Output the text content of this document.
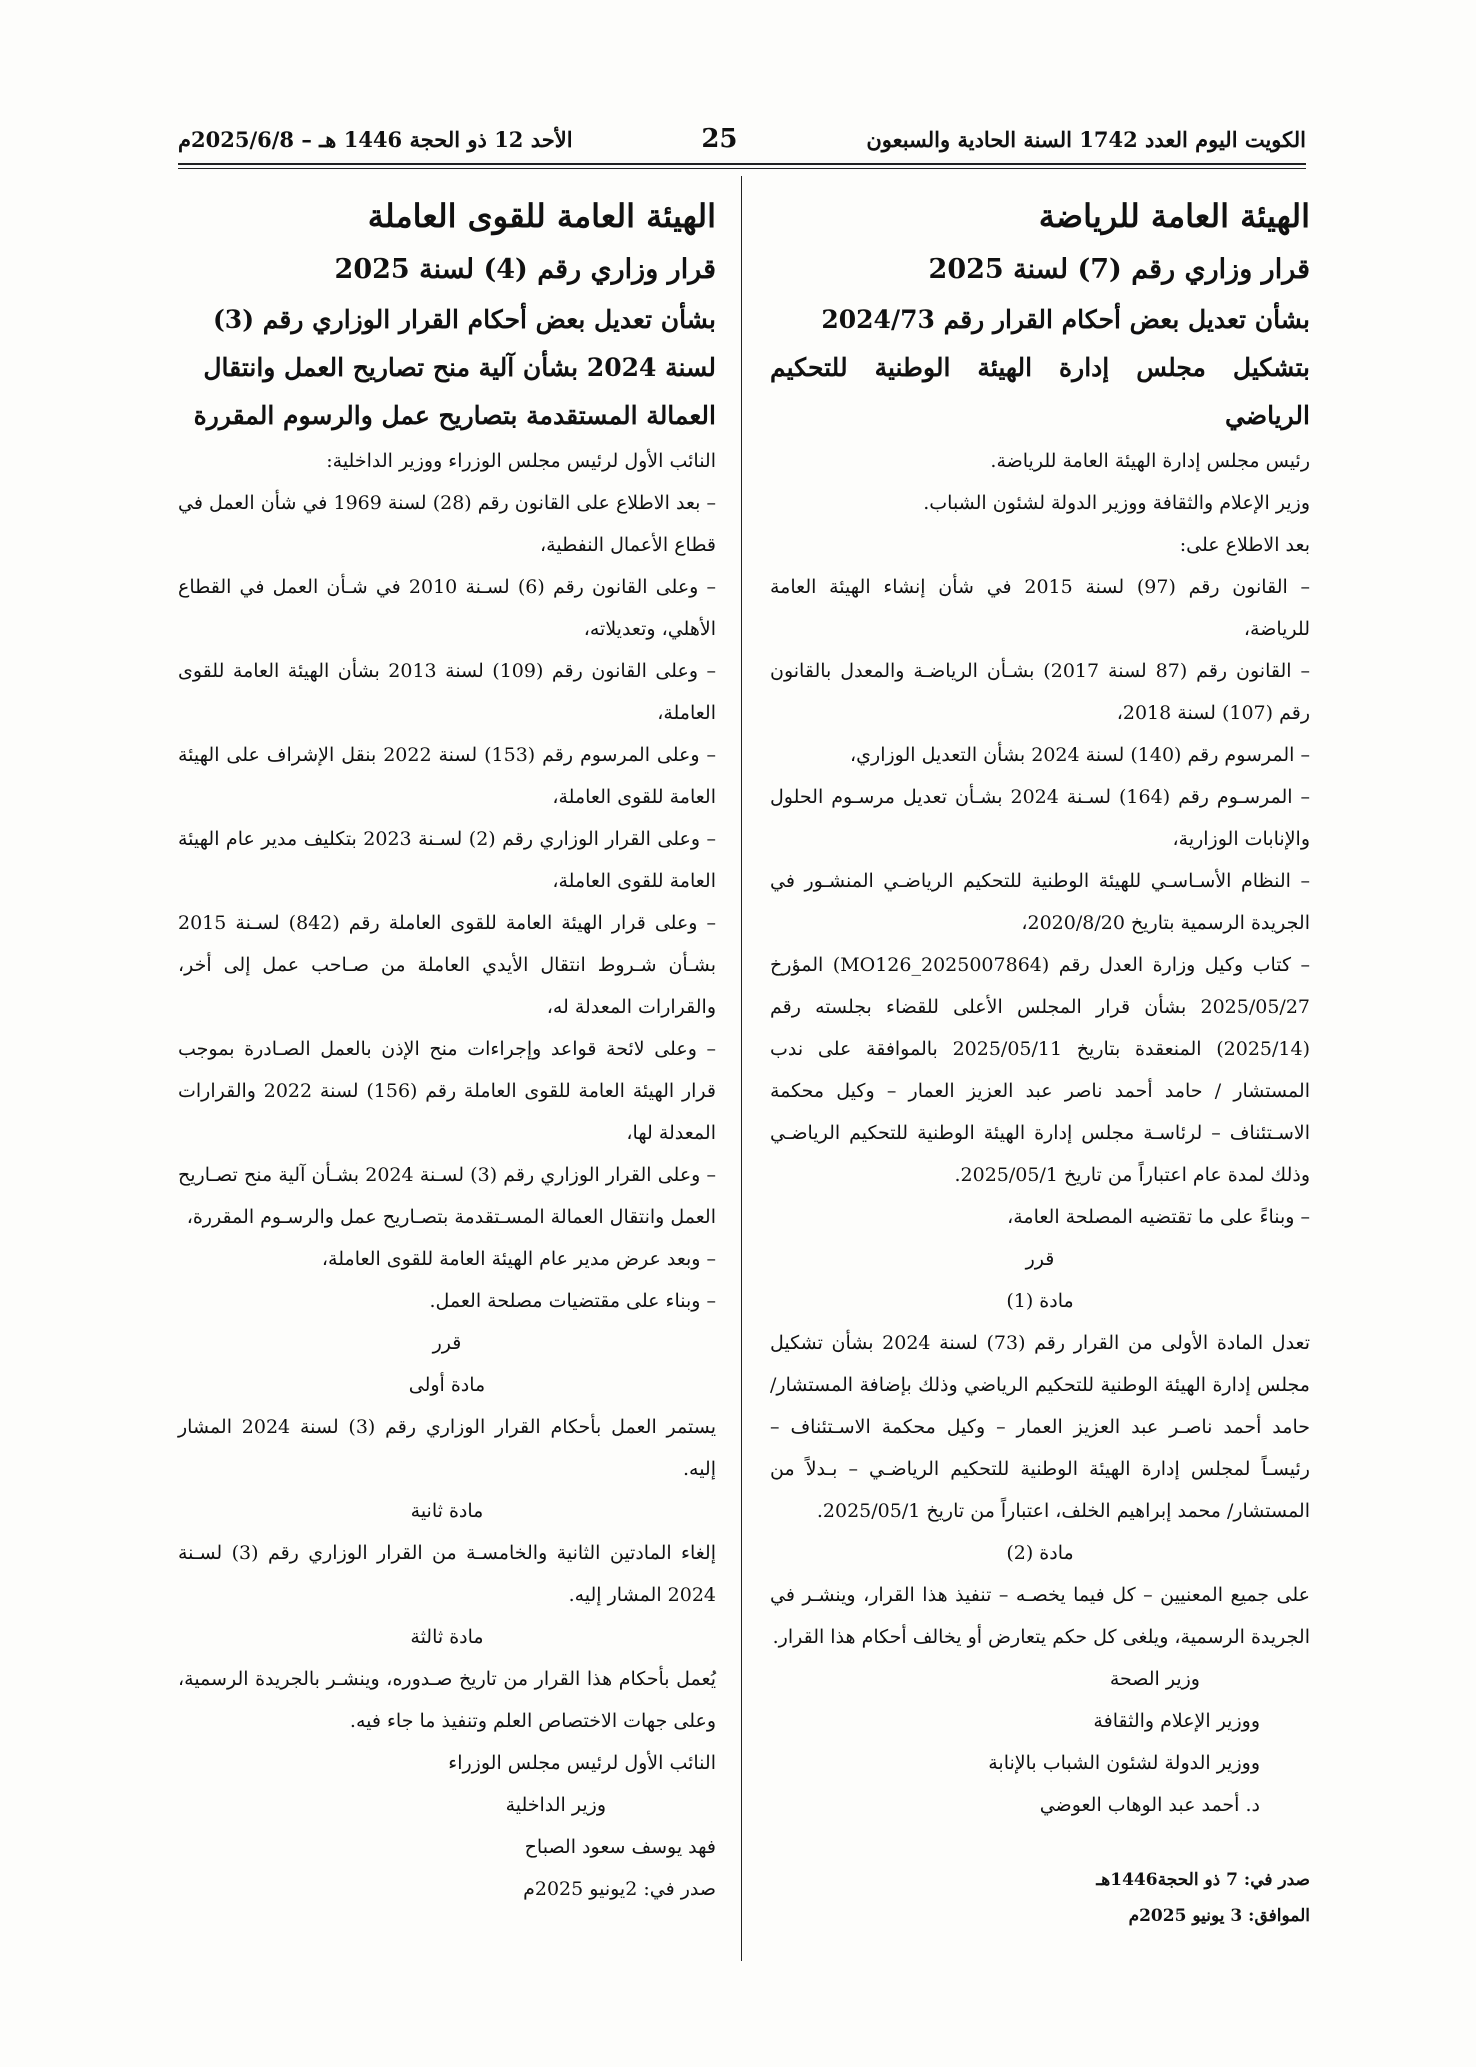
الكويت اليوم العدد 1742 السنة الحادية والسبعون
25
الأحد 12 ذو الحجة 1446 هـ – 2025/6/8م

الهيئة العامة للرياضة

قرار وزاري رقم (7) لسنة 2025

بشأن تعديل بعض أحكام القرار رقم 2024/73

بتشكيل مجلس إدارة الهيئة الوطنية للتحكيم الرياضي

رئيس مجلس إدارة الهيئة العامة للرياضة.

وزير الإعلام والثقافة ووزير الدولة لشئون الشباب.

بعد الاطلاع على:

– القانون رقم (97) لسنة 2015 في شأن إنشاء الهيئة العامة للرياضة،

– القانون رقم (87 لسنة 2017) بشـأن الرياضـة والمعدل بالقانون رقم (107) لسنة 2018،

– المرسوم رقم (140) لسنة 2024 بشأن التعديل الوزاري،

– المرسـوم رقم (164) لسـنة 2024 بشـأن تعديل مرسـوم الحلول والإنابات الوزارية،

– النظام الأسـاسـي للهيئة الوطنية للتحكيم الرياضـي المنشـور في الجريدة الرسمية بتاريخ 2020/8/20،

– كتاب وكيل وزارة العدل رقم (MO126_2025007864) المؤرخ 2025/05/27 بشأن قرار المجلس الأعلى للقضاء بجلسته رقم (2025/14) المنعقدة بتاريخ 2025/05/11 بالموافقة على ندب المستشار / حامد أحمد ناصر عبد العزيز العمار – وكيل محكمة الاسـتئناف – لرئاسـة مجلس إدارة الهيئة الوطنية للتحكيم الرياضـي وذلك لمدة عام اعتباراً من تاريخ 2025/05/1.

– وبناءً على ما تقتضيه المصلحة العامة،

قرر

مادة (1)

تعدل المادة الأولى من القرار رقم (73) لسنة 2024 بشأن تشكيل مجلس إدارة الهيئة الوطنية للتحكيم الرياضي وذلك بإضافة المستشار/ حامد أحمد ناصـر عبد العزيز العمار – وكيل محكمة الاسـتئناف – رئيسـاً لمجلس إدارة الهيئة الوطنية للتحكيم الرياضـي – بـدلاً من المستشار/ محمد إبراهيم الخلف، اعتباراً من تاريخ 2025/05/1.

مادة (2)

على جميع المعنيين – كل فيما يخصـه – تنفيذ هذا القرار، وينشـر في الجريدة الرسمية، ويلغى كل حكم يتعارض أو يخالف أحكام هذا القرار.

وزير الصحة

ووزير الإعلام والثقافة

ووزير الدولة لشئون الشباب بالإنابة

د. أحمد عبد الوهاب العوضي

صدر في: 7 ذو الحجة1446هـ
الموافق: 3 يونيو 2025م

الهيئة العامة للقوى العاملة

قرار وزاري رقم (4) لسنة 2025

بشأن تعديل بعض أحكام القرار الوزاري رقم (3)

لسنة 2024 بشأن آلية منح تصاريح العمل وانتقال

العمالة المستقدمة بتصاريح عمل والرسوم المقررة

النائب الأول لرئيس مجلس الوزراء ووزير الداخلية:

– بعد الاطلاع على القانون رقم (28) لسنة 1969 في شأن العمل في قطاع الأعمال النفطية،

– وعلى القانون رقم (6) لسـنة 2010 في شـأن العمل في القطاع الأهلي، وتعديلاته،

– وعلى القانون رقم (109) لسنة 2013 بشأن الهيئة العامة للقوى العاملة،

– وعلى المرسوم رقم (153) لسنة 2022 بنقل الإشراف على الهيئة العامة للقوى العاملة،

– وعلى القرار الوزاري رقم (2) لسـنة 2023 بتكليف مدير عام الهيئة العامة للقوى العاملة،

– وعلى قرار الهيئة العامة للقوى العاملة رقم (842) لسـنة 2015 بشـأن شـروط انتقال الأيدي العاملة من صـاحب عمل إلى أخر، والقرارات المعدلة له،

– وعلى لائحة قواعد وإجراءات منح الإذن بالعمل الصـادرة بموجب قرار الهيئة العامة للقوى العاملة رقم (156) لسنة 2022 والقرارات المعدلة لها،

– وعلى القرار الوزاري رقم (3) لسـنة 2024 بشـأن آلية منح تصـاريح العمل وانتقال العمالة المسـتقدمة بتصـاريح عمل والرسـوم المقررة،

– وبعد عرض مدير عام الهيئة العامة للقوى العاملة،

– وبناء على مقتضيات مصلحة العمل.

قرر

مادة أولى

يستمر العمل بأحكام القرار الوزاري رقم (3) لسنة 2024 المشار إليه.

مادة ثانية

إلغاء المادتين الثانية والخامسـة من القرار الوزاري رقم (3) لسـنة 2024 المشار إليه.

مادة ثالثة

يُعمل بأحكام هذا القرار من تاريخ صـدوره، وينشـر بالجريدة الرسمية، وعلى جهات الاختصاص العلم وتنفيذ ما جاء فيه.

النائب الأول لرئيس مجلس الوزراء

وزير الداخلية

فهد يوسف سعود الصباح

صدر في: 2يونيو 2025م
